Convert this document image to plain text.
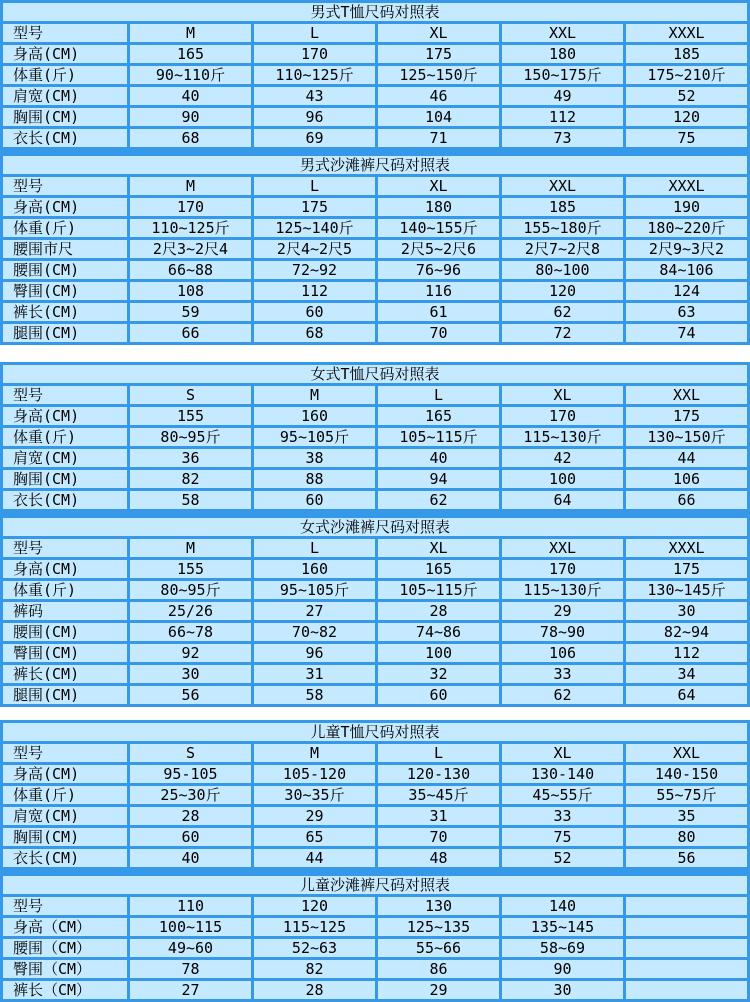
男式T恤尺码对照表					
型号	M	L	XL	XXL	XXXL
身高(CM)	165	170	175	180	185
体重(斤)	90~110斤	110~125斤	125~150斤	150~175斤	175~210斤
肩宽(CM)	40	43	46	49	52
胸围(CM)	90	96	104	112	120
衣长(CM)	68	69	71	73	75
男式沙滩裤尺码对照表					
型号	M	L	XL	XXL	XXXL
身高(CM)	170	175	180	185	190
体重(斤)	110~125斤	125~140斤	140~155斤	155~180斤	180~220斤
腰围市尺	2尺3~2尺4	2尺4~2尺5	2尺5~2尺6	2尺7~2尺8	2尺9~3尺2
腰围(CM)	66~88	72~92	76~96	80~100	84~106
臀围(CM)	108	112	116	120	124
裤长(CM)	59	60	61	62	63
腿围(CM)	66	68	70	72	74
女式T恤尺码对照表					
型号	S	M	L	XL	XXL
身高(CM)	155	160	165	170	175
体重(斤)	80~95斤	95~105斤	105~115斤	115~130斤	130~150斤
肩宽(CM)	36	38	40	42	44
胸围(CM)	82	88	94	100	106
衣长(CM)	58	60	62	64	66
女式沙滩裤尺码对照表					
型号	M	L	XL	XXL	XXXL
身高(CM)	155	160	165	170	175
体重(斤)	80~95斤	95~105斤	105~115斤	115~130斤	130~145斤
裤码	25/26	27	28	29	30
腰围(CM)	66~78	70~82	74~86	78~90	82~94
臀围(CM)	92	96	100	106	112
裤长(CM)	30	31	32	33	34
腿围(CM)	56	58	60	62	64
儿童T恤尺码对照表					
型号	S	M	L	XL	XXL
身高(CM)	95-105	105-120	120-130	130-140	140-150
体重(斤)	25~30斤	30~35斤	35~45斤	45~55斤	55~75斤
肩宽(CM)	28	29	31	33	35
胸围(CM)	60	65	70	75	80
衣长(CM)	40	44	48	52	56
儿童沙滩裤尺码对照表					
型号	110	120	130	140	
身高（CM）	100~115	115~125	125~135	135~145	
腰围（CM）	49~60	52~63	55~66	58~69	
臀围（CM）	78	82	86	90	
裤长（CM）	27	28	29	30	
